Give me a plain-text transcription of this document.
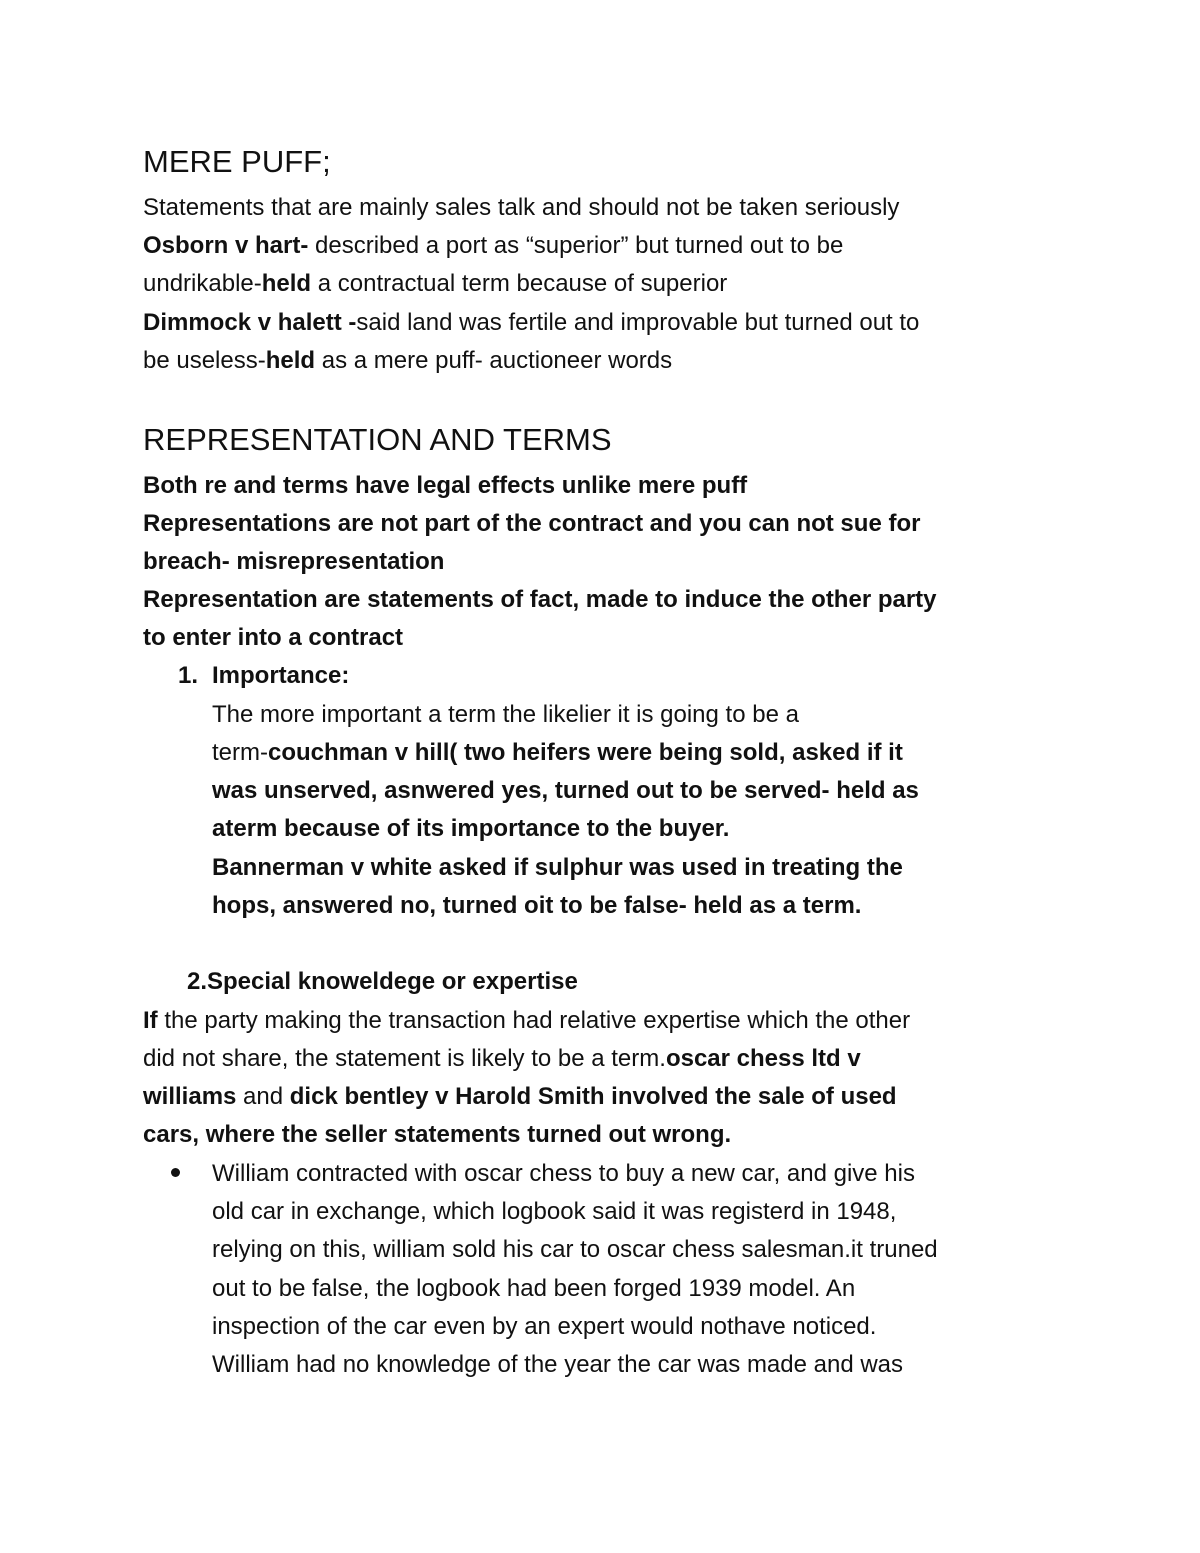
MERE PUFF;
Statements that are mainly sales talk and should not be taken seriously
Osborn v hart- described a port as “superior” but turned out to be
undrikable-held a contractual term because of superior
Dimmock v halett -said land was fertile and improvable but turned out to
be useless-held as a mere puff- auctioneer words
REPRESENTATION AND TERMS
Both re and terms have legal effects unlike mere puff
Representations are not part of the contract and you can not sue for
breach- misrepresentation
Representation are statements of fact, made to induce the other party
to enter into a contract
1. Importance:
The more important a term the likelier it is going to be a
term-couchman v hill( two heifers were being sold, asked if it
was unserved, asnwered yes, turned out to be served- held as
aterm because of its importance to the buyer.
Bannerman v white asked if sulphur was used in treating the
hops, answered no, turned oit to be false- held as a term.
2.Special knoweldege or expertise
If the party making the transaction had relative expertise which the other
did not share, the statement is likely to be a term.oscar chess ltd v
williams and dick bentley v Harold Smith involved the sale of used
cars, where the seller statements turned out wrong.
William contracted with oscar chess to buy a new car, and give his
old car in exchange, which logbook said it was registerd in 1948,
relying on this, william sold his car to oscar chess salesman.it truned
out to be false, the logbook had been forged 1939 model. An
inspection of the car even by an expert would nothave noticed.
William had no knowledge of the year the car was made and was
